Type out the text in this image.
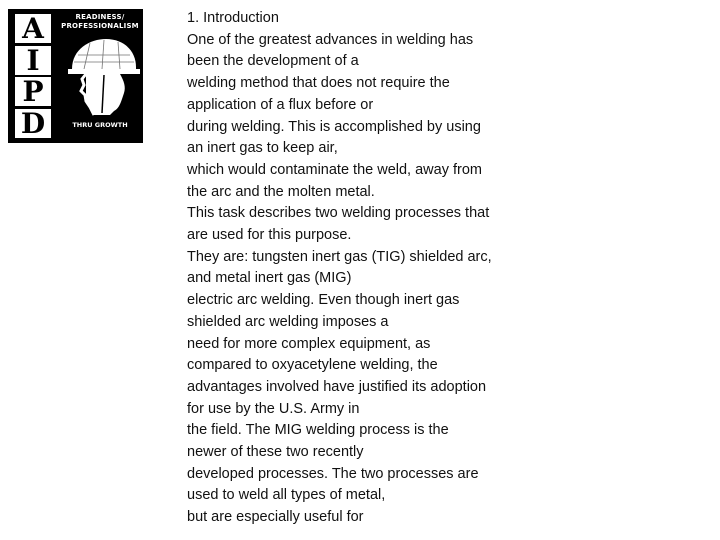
A
I
P
D
READINESS/ PROFESSIONALISM
THRU GROWTH
1. Introduction
One of the greatest advances in welding has
been the development of a
welding method that does not require the
application of a flux before or
during welding. This is accomplished by using
an inert gas to keep air,
which would contaminate the weld, away from
the arc and the molten metal.
This task describes two welding processes that
are used for this purpose.
They are: tungsten inert gas (TIG) shielded arc,
and metal inert gas (MIG)
electric arc welding. Even though inert gas
shielded arc welding imposes a
need for more complex equipment, as
compared to oxyacetylene welding, the
advantages involved have justified its adoption
for use by the U.S. Army in
the field. The MIG welding process is the
newer of these two recently
developed processes. The two processes are
used to weld all types of metal,
but are especially useful for
